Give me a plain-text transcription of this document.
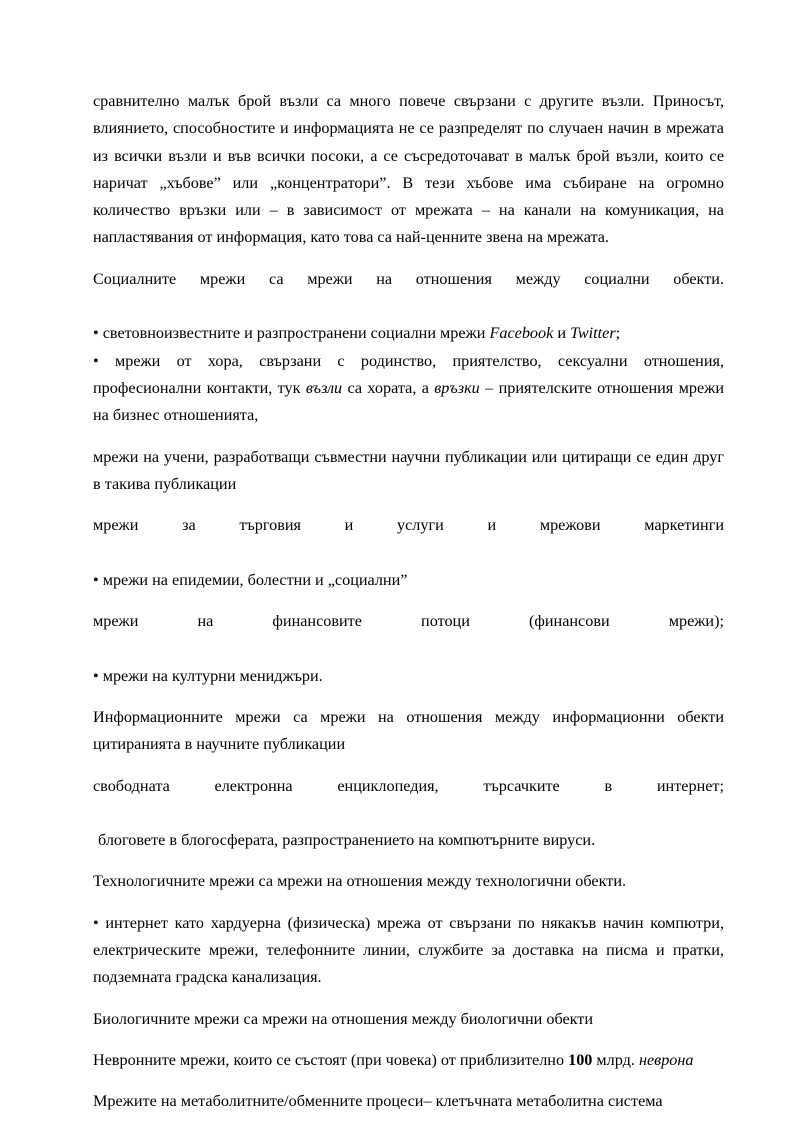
сравнително малък брой възли са много повече свързани с другите възли. Приносът, влиянието, способностите и информацията не се разпределят по случаен начин в мрежата из всички възли и във всички посоки, а се съсредоточават в малък брой възли, които се наричат „хъбове” или „концентратори”. В тези хъбове има събиране на огромно количество връзки или – в зависимост от мрежата – на канали на комуникация, на напластявания от информация, като това са най-ценните звена на мрежата.

Социалните мрежи са мрежи на отношения между социални обекти.

• световноизвестните и разпространени социални мрежи Facebook и Twitter;

• мрежи от хора, свързани с родинство, приятелство, сексуални отношения, професионални контакти, тук възли са хората, а връзки – приятелските отношения мрежи на бизнес отношенията,

мрежи на учени, разработващи съвместни научни публикации или цитиращи се един друг в такива публикации

мрежи за търговия и услуги и мрежови маркетинги

• мрежи на епидемии, болестни и „социални”

мрежи на финансовите потоци (финансови мрежи);

• мрежи на културни мениджъри.

Информационните мрежи са мрежи на отношения между информационни обекти цитиранията в научните публикации

свободната електронна енциклопедия, търсачките в интернет;

блоговете в блогосферата, разпространението на компютърните вируси.

Технологичните мрежи са мрежи на отношения между технологични обекти.

• интернет като хардуерна (физическа) мрежа от свързани по някакъв начин компютри, електрическите мрежи, телефонните линии, службите за доставка на писма и пратки, подземната градска канализация.

Биологичните мрежи са мрежи на отношения между биологични обекти

Невронните мрежи, които се състоят (при човека) от приблизително 100 млрд. неврона

Мрежите на метаболитните/обменните процеси– клетъчната метаболитна система
